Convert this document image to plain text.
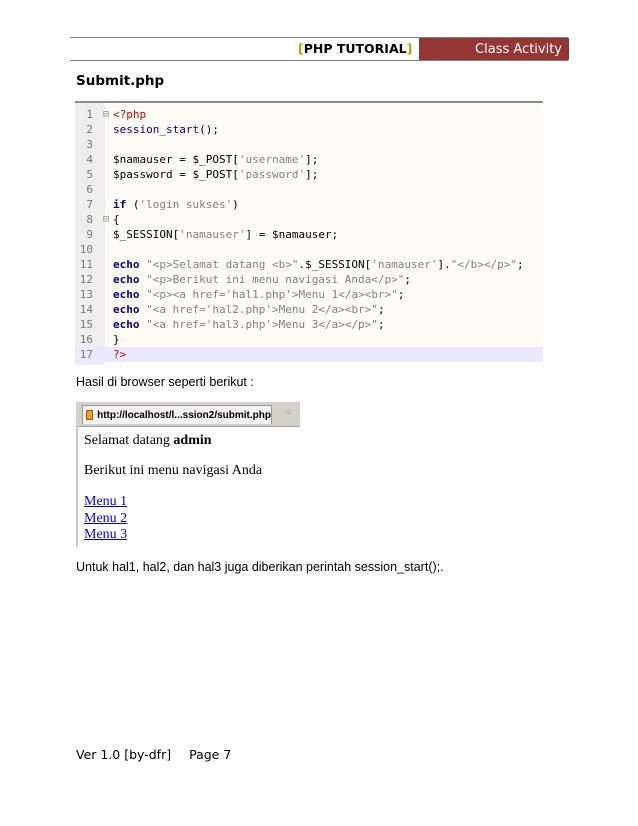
[PHP TUTORIAL]	Class Activity
Submit.php
1 ⊟ <?php
2 session_start();
3
4 $namauser = $_POST['username'];
5 $password = $_POST['password'];
6
7 if ('login sukses')
8 ⊟ {
9 $_SESSION['namauser'] = $namauser;
10
11 echo "<p>Selamat datang <b>".$_SESSION['namauser']."</b></p>";
12 echo "<p>Berikut ini menu navigasi Anda</p>";
13 echo "<p><a href='hal1.php'>Menu 1</a><br>";
14 echo "<a href='hal2.php'>Menu 2</a><br>";
15 echo "<a href='hal3.php'>Menu 3</a></p>";
16 }
17 ?>
Hasil di browser seperti berikut :
http://localhost/l...ssion2/submit.php ⁘
Selamat datang admin
Berikut ini menu navigasi Anda
Menu 1
Menu 2
Menu 3
Untuk hal1, hal2, dan hal3 juga diberikan perintah session_start();.
Ver 1.0 [by-dfr] Page 7
